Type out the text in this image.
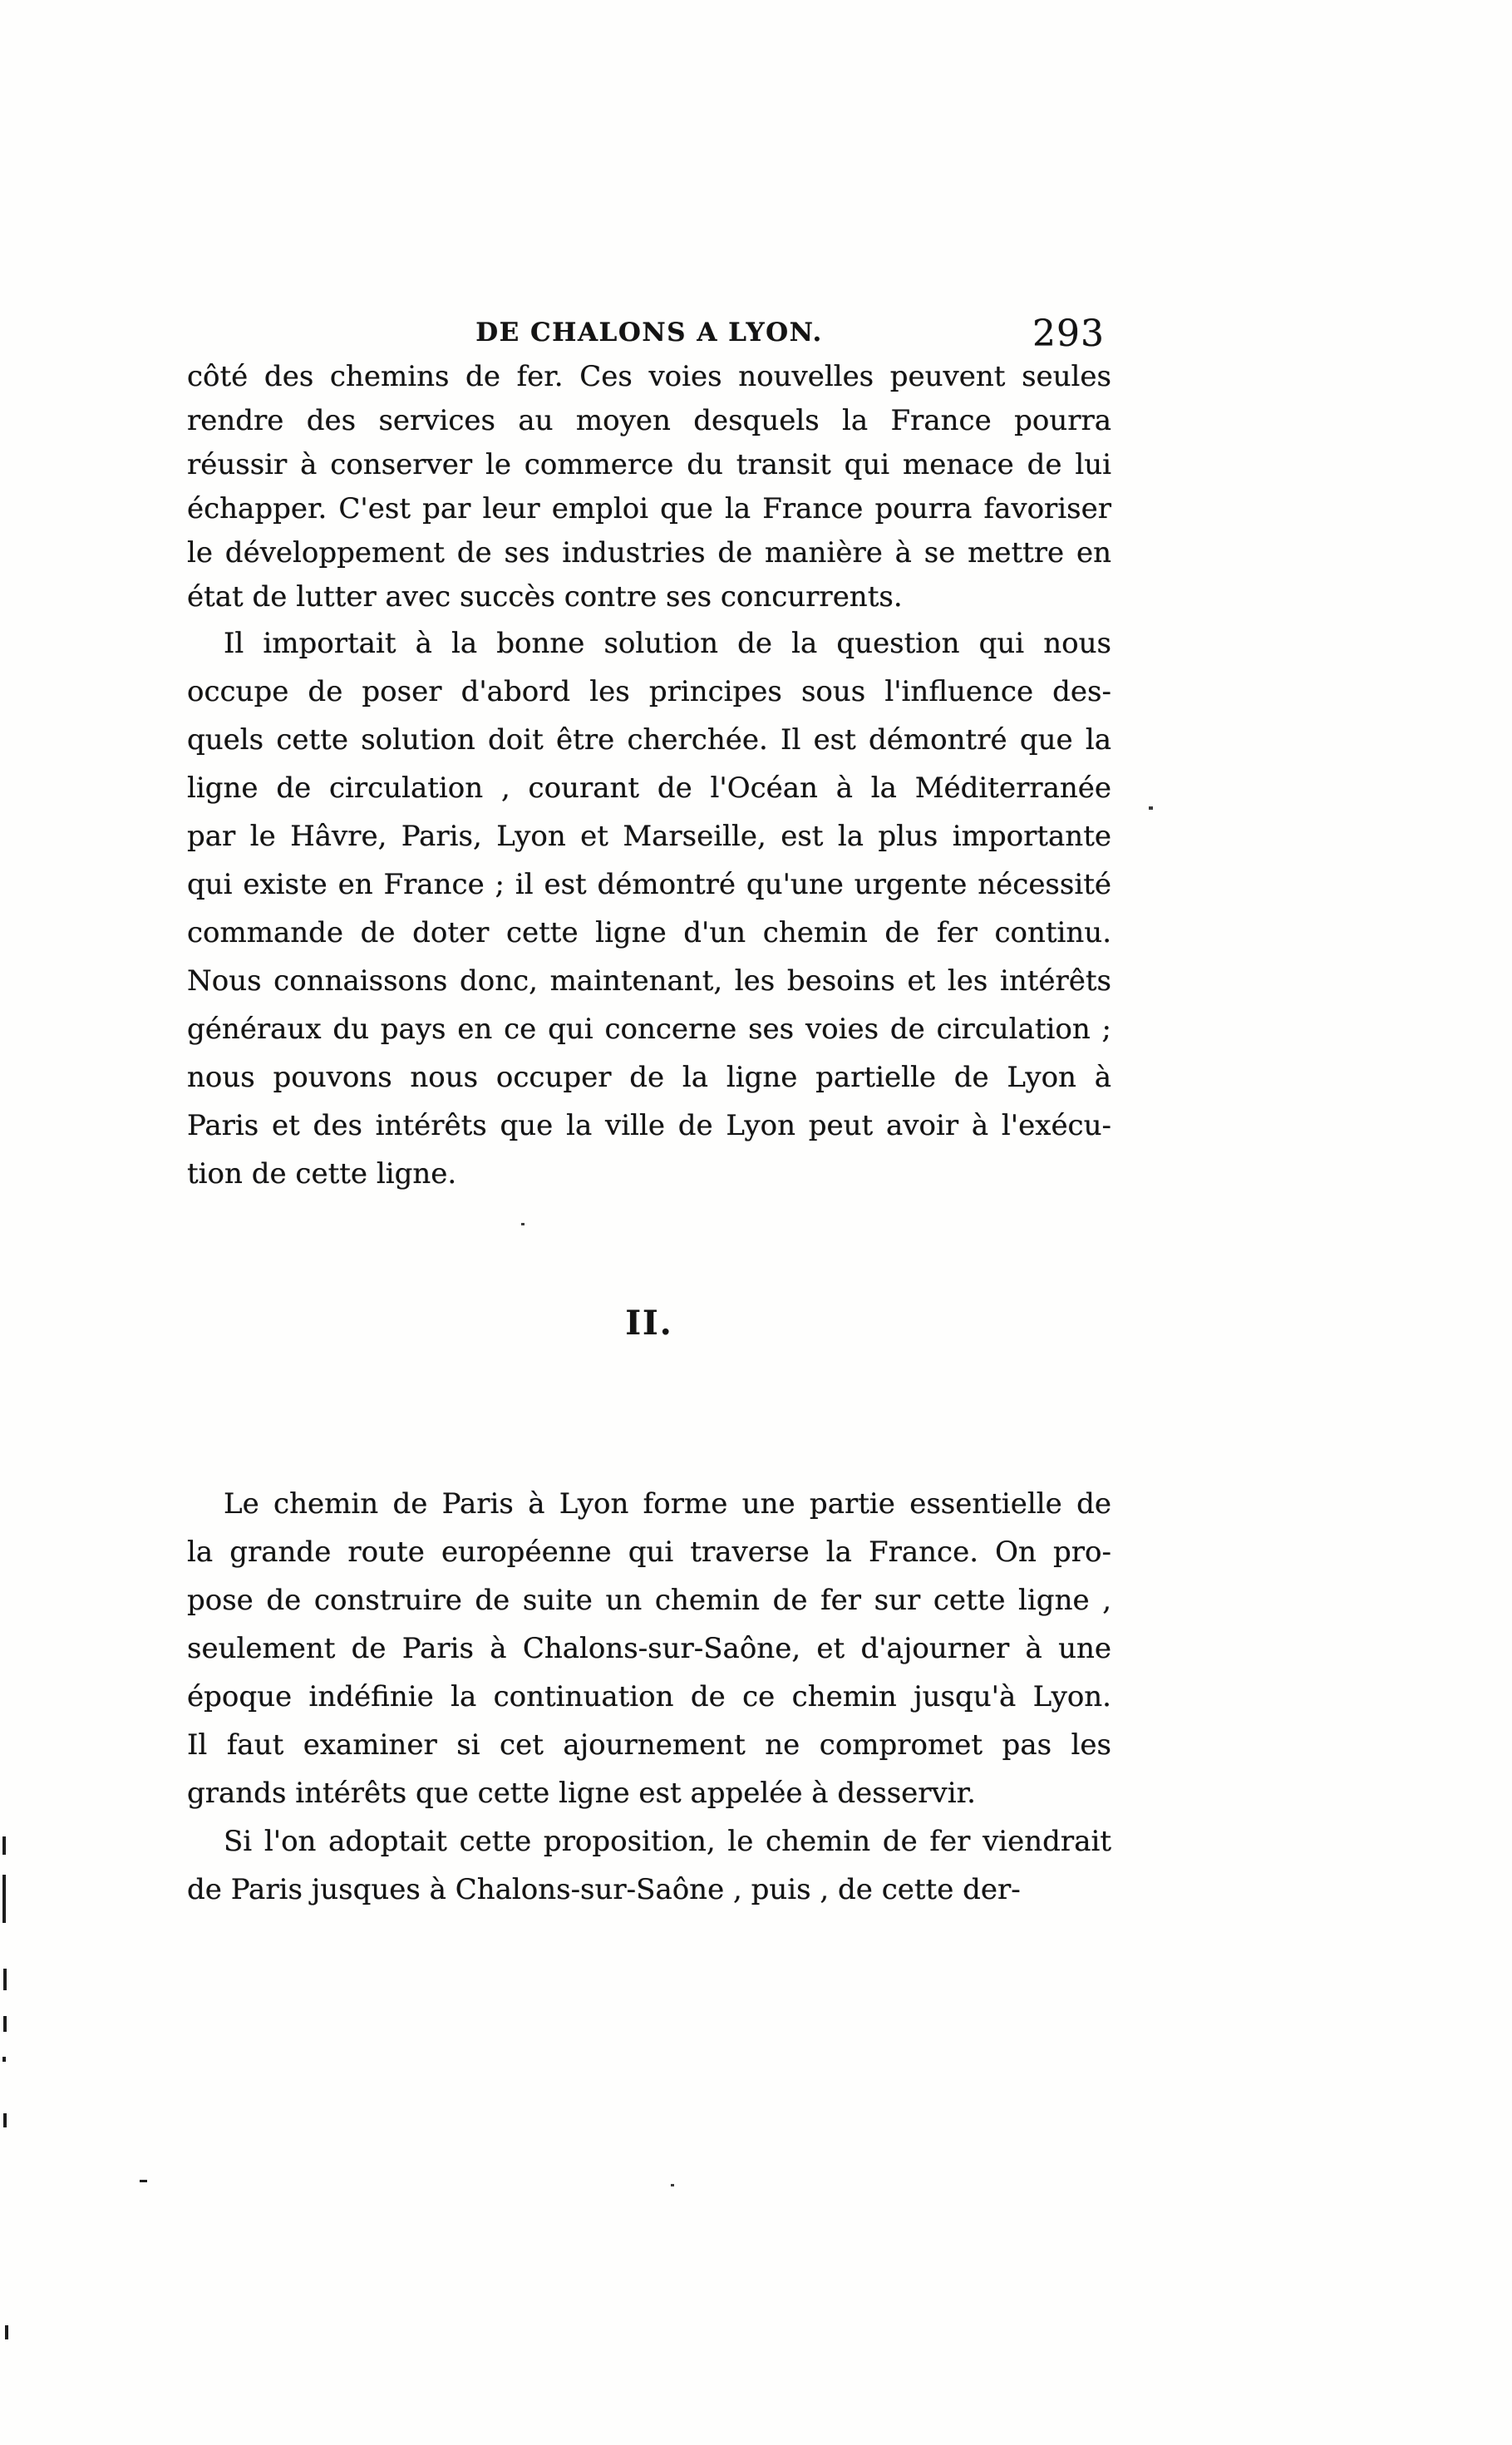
DE CHALONS A LYON.	293
côté des chemins de fer. Ces voies nouvelles peuvent seules
rendre des services au moyen desquels la France pourra
réussir à conserver le commerce du transit qui menace de lui
échapper. C'est par leur emploi que la France pourra favoriser
le développement de ses industries de manière à se mettre en
état de lutter avec succès contre ses concurrents.
Il importait à la bonne solution de la question qui nous
occupe de poser d'abord les principes sous l'influence des-
quels cette solution doit être cherchée. Il est démontré que la
ligne de circulation , courant de l'Océan à la Méditerranée
par le Hâvre, Paris, Lyon et Marseille, est la plus importante
qui existe en France ; il est démontré qu'une urgente nécessité
commande de doter cette ligne d'un chemin de fer continu.
Nous connaissons donc, maintenant, les besoins et les intérêts
généraux du pays en ce qui concerne ses voies de circulation ;
nous pouvons nous occuper de la ligne partielle de Lyon à
Paris et des intérêts que la ville de Lyon peut avoir à l'exécu-
tion de cette ligne.
II.
Le chemin de Paris à Lyon forme une partie essentielle de
la grande route européenne qui traverse la France. On pro-
pose de construire de suite un chemin de fer sur cette ligne ,
seulement de Paris à Chalons-sur-Saône, et d'ajourner à une
époque indéfinie la continuation de ce chemin jusqu'à Lyon.
Il faut examiner si cet ajournement ne compromet pas les
grands intérêts que cette ligne est appelée à desservir.
Si l'on adoptait cette proposition, le chemin de fer viendrait
de Paris jusques à Chalons-sur-Saône , puis , de cette der-
